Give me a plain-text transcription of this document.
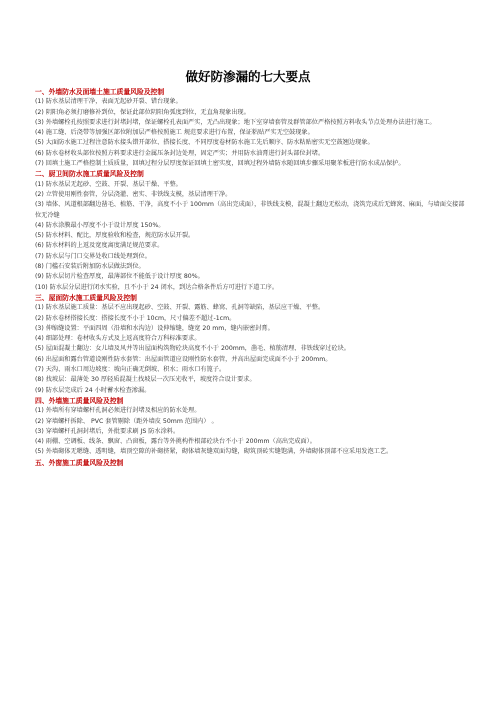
做好防渗漏的七大要点

一、外墙防水及面墙土施工质量风险及控制

(1) 防水基层清理干净，表面无起砂开裂、错台现象。

(2) 阴阳角必须打磨修补到位，保证此部位阴阳角弧度到位，无直角现象出现。

(3) 外墙螺栓孔按照要求进行封堵封堵，保证螺栓孔表面严实，无凸出现象；地下室穿墙套管及群管部位严格按照方料收头节点处理办法进行施工。

(4) 施工缝、后浇带等加强区部位附加层严格按照施工 规范要求进行布置，保证粘贴严实无空鼓现象。

(5) 大面防水施工过程注意防水接头错开部位、搭接长度、不同厚度卷材防水施工先后顺序、防水粘贴密实无空鼓翘边现象。

(6) 防水卷材收头部位按照方料要求进行金属压条封边处理，固定严实；并用防水油膏进行封头部位封堵。

(7) 回填土施工严格控制土质质量，回填过程分层厚度保证回填土密实度，回填过程外墙防水随回填步骤采用聚苯板进行防水成品保护。

二、厨卫间防水施工质量风险及控制

(1) 防水基层无起砂、空鼓、开裂、基层干燥、平整。

(2) 立管使用刚性套管，分层浇灌、密实、非铁线支模，基层清理干净。

(3) 墙体、风道根部翻边凿毛、植筋、干净，高度不小于 100mm（高出完成面），非铁线支模，混凝土翻边无松动，浇筑完成后无蜂窝、麻面，与墙面交接部位无冷缝

(4) 防水涂膜最小厚度不小于设计厚度 150%。

(5) 防水材料、配比，厚度验收和检查，规范防水层开裂。

(6) 防水材料的上返及宽度离度满足规范要求。

(7) 防水层与门口交界处收口线处理到位。

(8) 门槛石安装后附加防水层做法到位。

(9) 防水层切片检查厚度，最薄部位不能低于设计厚度 80%。

(10) 防水层分层进行闭水实验，且不小于 24 闭水，到达合格条件后方可进行下道工序。

三、屋面防水施工质量风险及控制

(1) 防水基层施工质量：基层不应出现起砂、空鼓、开裂、露筋、蜂窝、孔洞等缺陷，基层应干燥、平整。

(2) 防水卷材搭接长度：搭接长度不小于 10cm，尺寸偏差不超过-1cm。

(3) 伸缩缝设置：平面四周（沿墙和水沟边）设伸缩缝，缝宽 20 mm，缝内嵌密封膏。

(4) 细部处理：卷材收头方式及上返高度符合万科标准要求。

(5) 屋面混凝土翻边：女儿墙及风井等出屋面构筑物砼块高度不小于 200mm，凿毛、植筋清理、非铁线穿过砼块。

(6) 出屋面和露台管道设刚性防水套管：出屋面管道应设刚性防水套管，并高出屋面完成面不小于 200mm。

(7) 天沟、雨水口周边坡度：坡向正确无倒坡、积水；雨水口有篦子。

(8) 找坡层：最薄处 30 厚轻质混凝土找坡层一次压光收平，坡度符合设计要求。

(9) 防水层完成后 24 小时蓄水检查渗漏。

四、外墙施工质量风险及控制

(1) 外墙所有穿墙螺杆孔洞必须进行封堵及相应的防水处理。

(2) 穿墙螺杆拆除、 PVC 套管剔除（距外墙皮 50mm 范围内） 。

(3) 穿墙螺杆孔洞封堵后，外批要求刷 JS 防水涂料。

(4) 雨棚、空调板、线条、飘窗、凸窗板，露台等外挑构件根部砼块台不小于 200mm（高出完成面）。

(5) 外墙砌体无嗯缝、透明缝，墙顶空隙的补砌挤紧，砌体墙灰缝双面勾缝，砌筑顶砖实缝饱满，外墙砌体顶部不应采用发泡工艺。

五、外窗施工质量风险及控制
